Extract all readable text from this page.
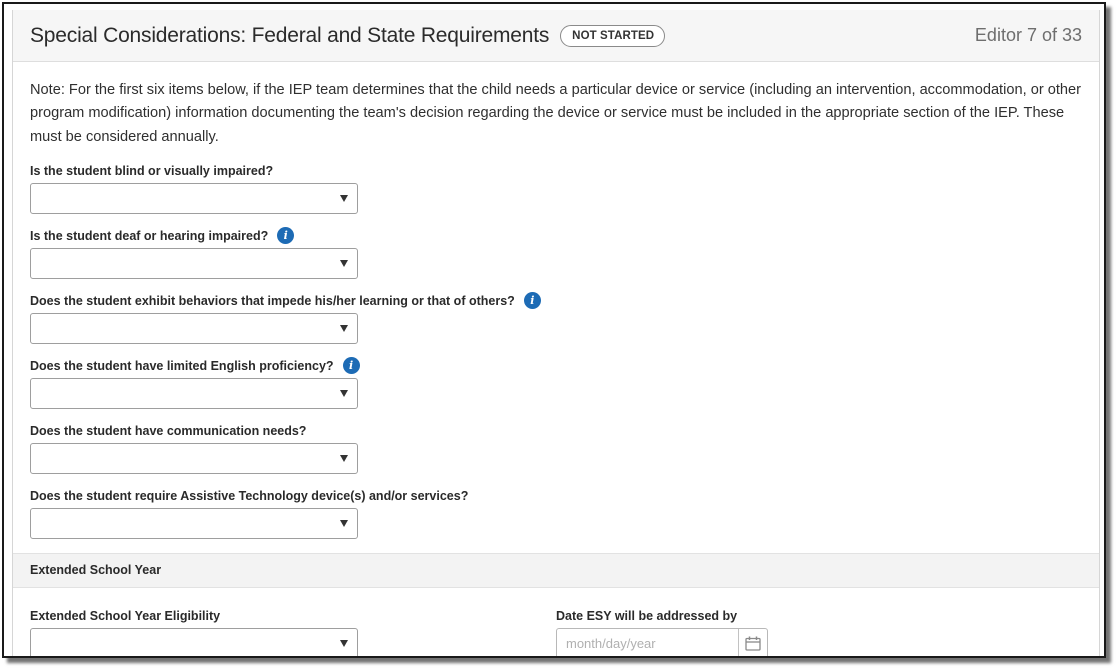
Special Considerations: Federal and State Requirements	NOT STARTED	Editor 7 of 33

Note: For the first six items below, if the IEP team determines that the child needs a particular device or service (including an intervention, accommodation, or other program modification) information documenting the team's decision regarding the device or service must be included in the appropriate section of the IEP. These must be considered annually.

Is the student blind or visually impaired?
Is the student deaf or hearing impaired?	i
Does the student exhibit behaviors that impede his/her learning or that of others?	i
Does the student have limited English proficiency?	i
Does the student have communication needs?
Does the student require Assistive Technology device(s) and/or services?
Extended School Year
Extended School Year Eligibility	Date ESY will be addressed by
month/day/year
